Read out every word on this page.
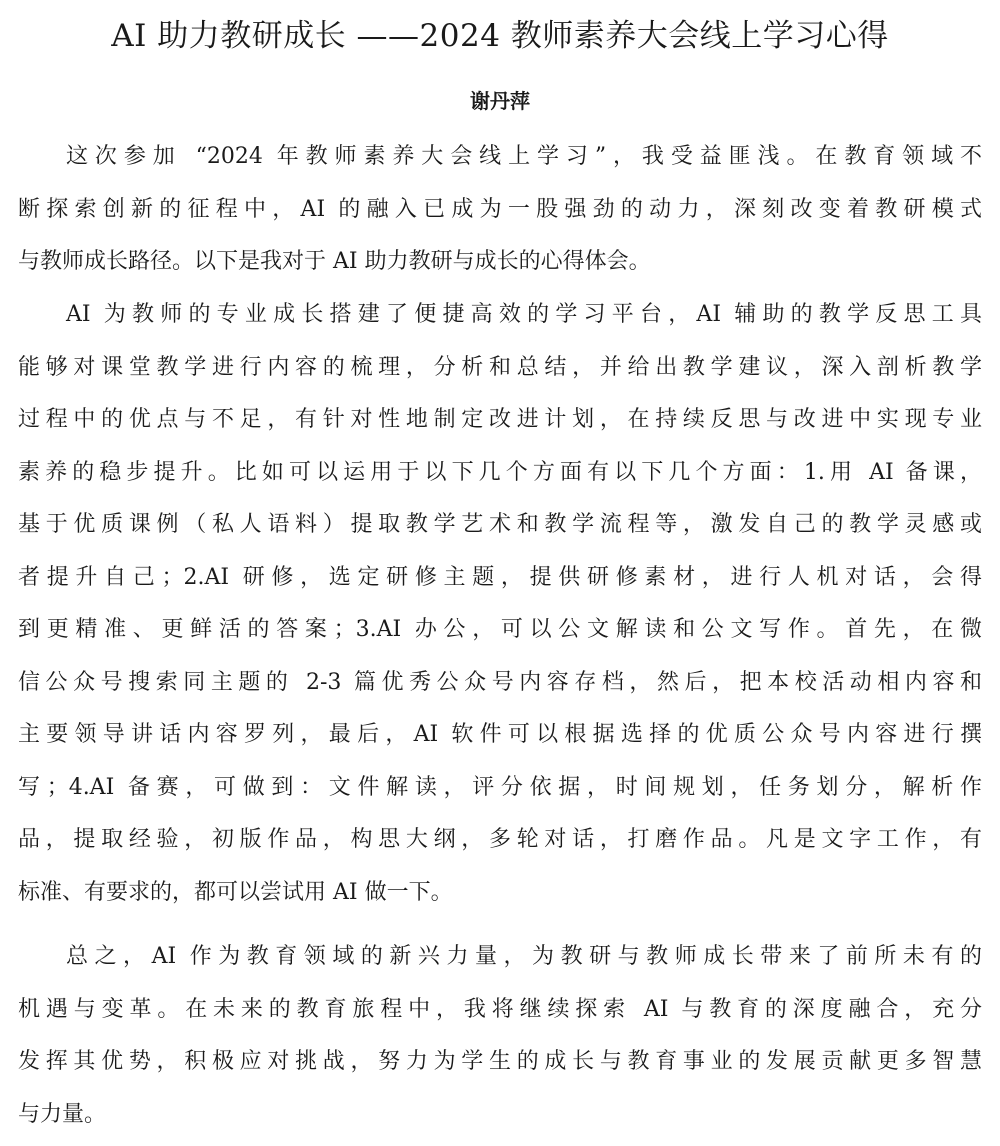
AI 助力教研成长 ——2024 教师素养大会线上学习心得
谢丹萍
这次参加 “2024 年教师素养大会线上学习”，我受益匪浅。在教育领域不
断探索创新的征程中，AI 的融入已成为一股强劲的动力，深刻改变着教研模式
与教师成长路径。以下是我对于 AI 助力教研与成长的心得体会。
AI 为教师的专业成长搭建了便捷高效的学习平台，AI 辅助的教学反思工具
能够对课堂教学进行内容的梳理，分析和总结，并给出教学建议，深入剖析教学
过程中的优点与不足，有针对性地制定改进计划，在持续反思与改进中实现专业
素养的稳步提升。比如可以运用于以下几个方面有以下几个方面：1.用 AI 备课，
基于优质课例（私人语料）提取教学艺术和教学流程等，激发自己的教学灵感或
者提升自己；2.AI 研修，选定研修主题，提供研修素材，进行人机对话，会得
到更精准、更鲜活的答案；3.AI 办公，可以公文解读和公文写作。首先，在微
信公众号搜索同主题的 2-3 篇优秀公众号内容存档，然后，把本校活动相内容和
主要领导讲话内容罗列，最后，AI 软件可以根据选择的优质公众号内容进行撰
写；4.AI 备赛，可做到：文件解读，评分依据，时间规划，任务划分，解析作
品，提取经验，初版作品，构思大纲，多轮对话，打磨作品。凡是文字工作，有
标准、有要求的，都可以尝试用 AI 做一下。
总之，AI 作为教育领域的新兴力量，为教研与教师成长带来了前所未有的
机遇与变革。在未来的教育旅程中，我将继续探索 AI 与教育的深度融合，充分
发挥其优势，积极应对挑战，努力为学生的成长与教育事业的发展贡献更多智慧
与力量。
